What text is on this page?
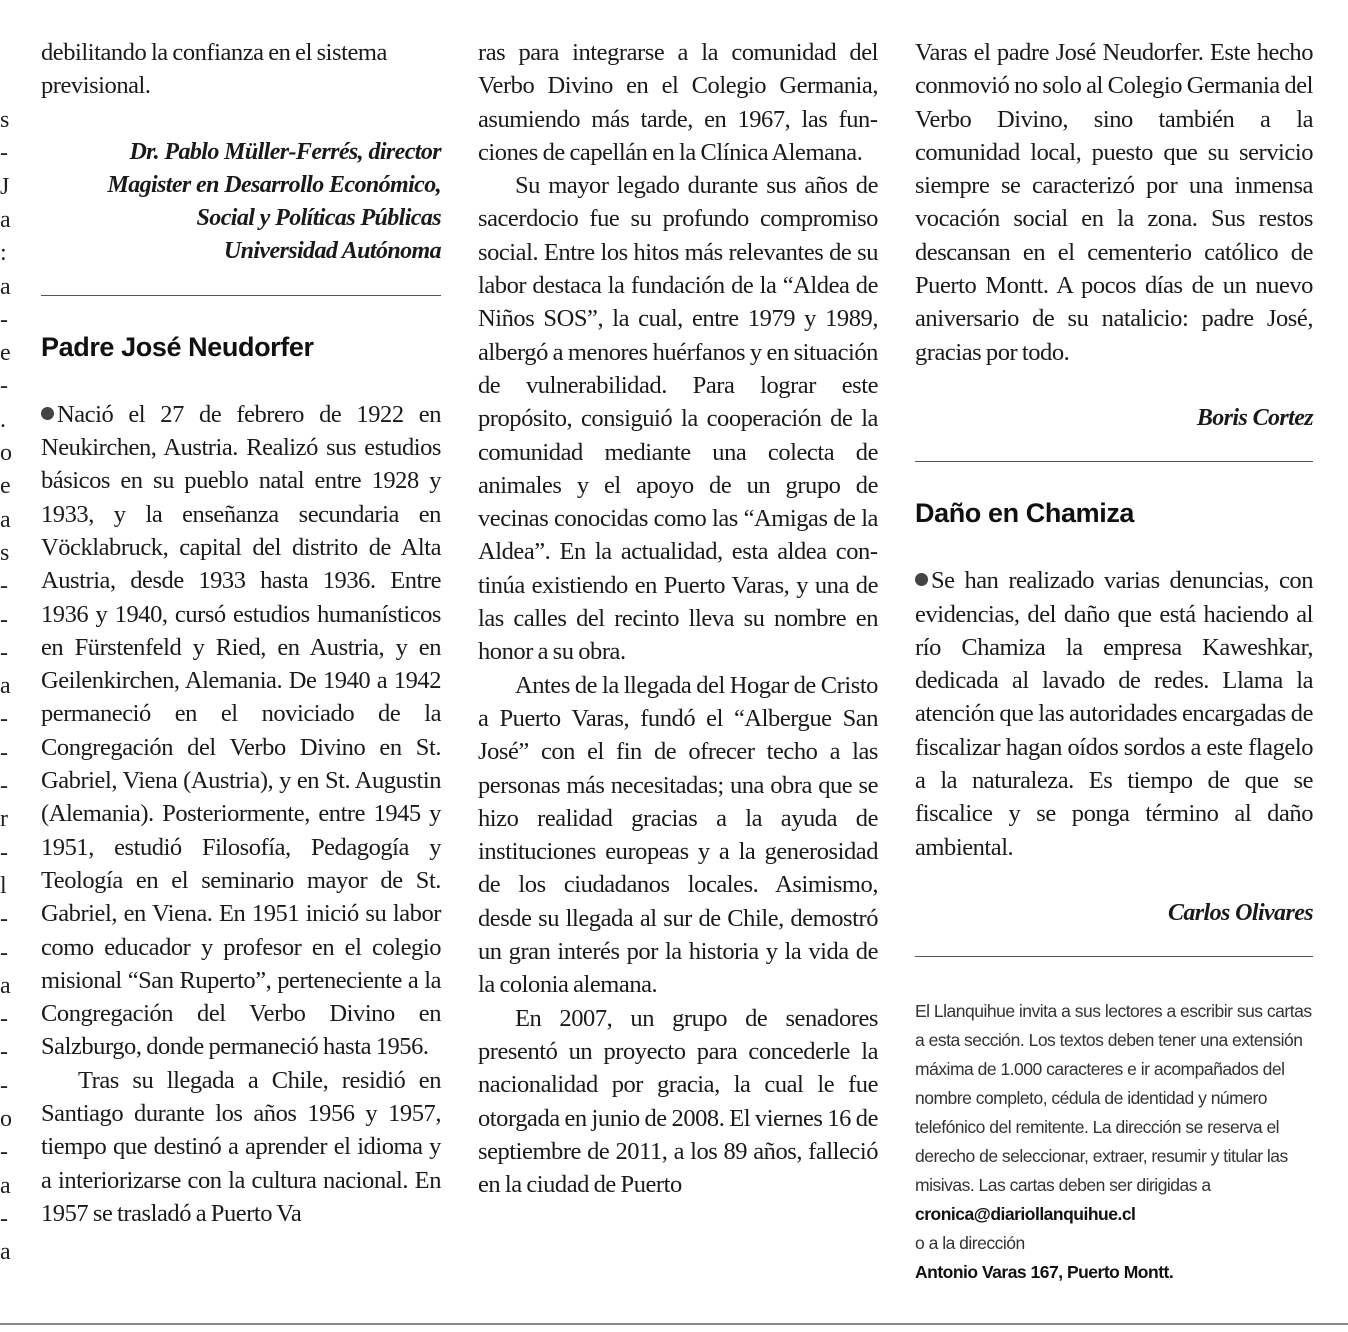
s
-
J
a
:
a
-
e
-
.
o
e
a
s
-
-
-
a
-
-
-
r
-
l
-
-
a
-
-
-
o
-
a
-
a

debilitando la confianza en el sistema
previsional.

Dr. Pablo Müller-Ferrés, director
Magister en Desarrollo Económico,
Social y Políticas Públicas
Universidad Autónoma

Padre José Neudorfer

Nació el 27 de febrero de 1922 en Neukirchen, Austria. Realizó sus estudios básicos en su pueblo natal entre 1928 y 1933, y la enseñanza secundaria en Vöcklabruck, capital del distrito de Alta Austria, desde 1933 hasta 1936. Entre 1936 y 1940, cursó estudios humanísticos en Fürstenfeld y Ried, en Austria, y en Geilenkirchen, Alemania. De 1940 a 1942 permaneció en el noviciado de la Congregación del Verbo Divino en St. Gabriel, Viena (Austria), y en St. Augustin (Alemania). Posteriormente, entre 1945 y 1951, estudió Filosofía, Pedagogía y Teología en el seminario mayor de St. Gabriel, en Viena. En 1951 inició su labor como educador y profesor en el colegio misional “San Ruperto”, perteneciente a la Congregación del Verbo Divino en Salzburgo, donde permaneció hasta 1956.

Tras su llegada a Chile, residió en Santiago durante los años 1956 y 1957, tiempo que destinó a aprender el idioma y a interiorizarse con la cultura nacional. En 1957 se trasladó a Puerto Va

ras para integrarse a la comunidad del Verbo Divino en el Colegio Germania, asumiendo más tarde, en 1967, las funciones de capellán en la Clínica Alemana.

Su mayor legado durante sus años de sacerdocio fue su profundo compromiso social. Entre los hitos más relevantes de su labor destaca la fundación de la “Aldea de Niños SOS”, la cual, entre 1979 y 1989, albergó a menores huérfanos y en situación de vulnerabilidad. Para lograr este propósito, consiguió la cooperación de la comunidad mediante una colecta de animales y el apoyo de un grupo de vecinas conocidas como las “Amigas de la Aldea”. En la actualidad, esta aldea continúa existiendo en Puerto Varas, y una de las calles del recinto lleva su nombre en honor a su obra.

Antes de la llegada del Hogar de Cristo a Puerto Varas, fundó el “Albergue San José” con el fin de ofrecer techo a las personas más necesitadas; una obra que se hizo realidad gracias a la ayuda de instituciones europeas y a la generosidad de los ciudadanos locales. Asimismo, desde su llegada al sur de Chile, demostró un gran interés por la historia y la vida de la colonia alemana.

En 2007, un grupo de senadores presentó un proyecto para concederle la nacionalidad por gracia, la cual le fue otorgada en junio de 2008. El viernes 16 de septiembre de 2011, a los 89 años, falleció en la ciudad de Puerto

Varas el padre José Neudorfer. Este hecho conmovió no solo al Colegio Germania del Verbo Divino, sino también a la comunidad local, puesto que su servicio siempre se caracterizó por una inmensa vocación social en la zona. Sus restos descansan en el cementerio católico de Puerto Montt. A pocos días de un nuevo aniversario de su natalicio: padre José, gracias por todo.

Boris Cortez

Daño en Chamiza

Se han realizado varias denuncias, con evidencias, del daño que está haciendo al río Chamiza la empresa Kaweshkar, dedicada al lavado de redes. Llama la atención que las autoridades encargadas de fiscalizar hagan oídos sordos a este flagelo a la naturaleza. Es tiempo de que se fiscalice y se ponga término al daño ambiental.

Carlos Olivares

El Llanquihue invita a sus lectores a escribir sus cartas a esta sección. Los textos deben tener una extensión máxima de 1.000 caracteres e ir acompañados del nombre completo, cédula de identidad y número telefónico del remitente. La dirección se reserva el derecho de seleccionar, extraer, resumir y titular las misivas. Las cartas deben ser dirigidas a

cronica@diariollanquihue.cl

o a la dirección

Antonio Varas 167, Puerto Montt.
